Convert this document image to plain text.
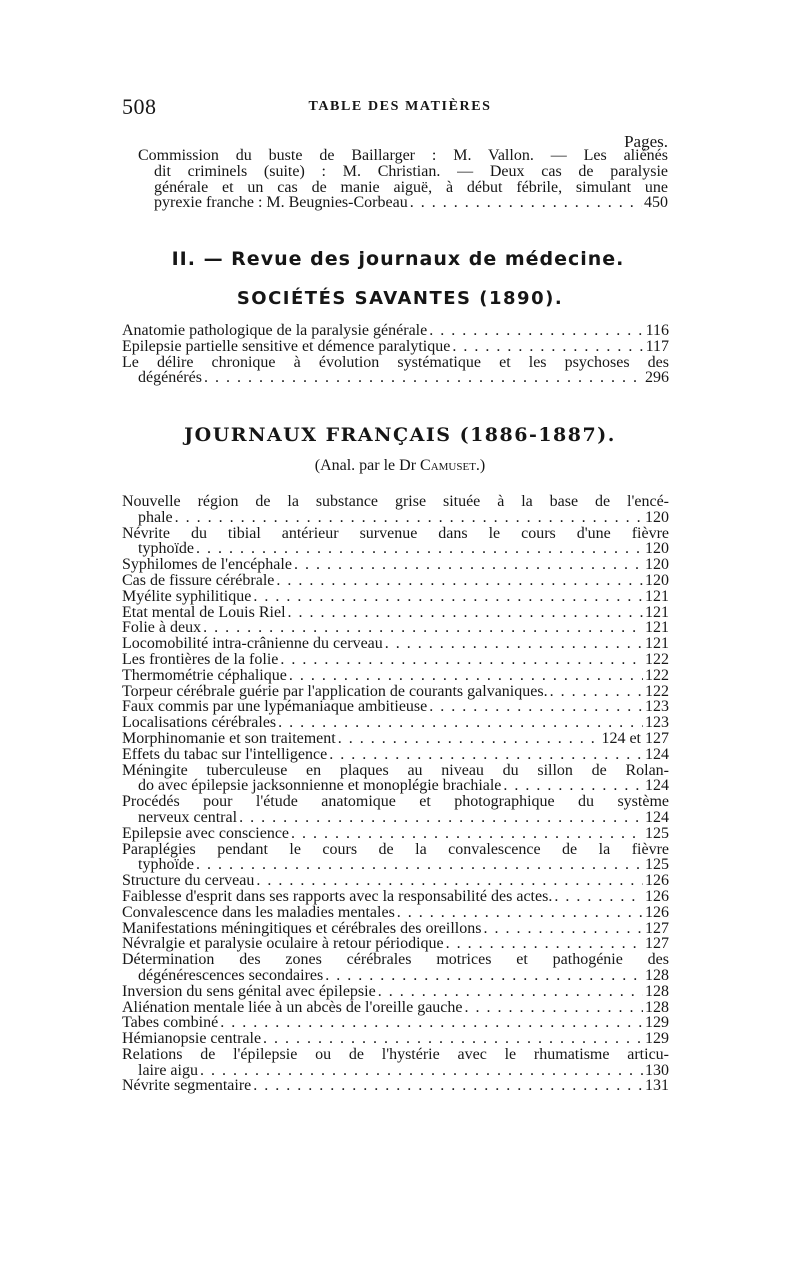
508	TABLE DES MATIÈRES
Pages.
Commission du buste de Baillarger : M. Vallon. — Les aliénés
dit criminels (suite) : M. Christian. — Deux cas de paralysie
générale et un cas de manie aiguë, à début fébrile, simulant une
pyrexie franche : M. Beugnies-Corbeau . . .	450
II. — Revue des journaux de médecine.
SOCIÉTÉS SAVANTES (1890).
Anatomie pathologique de la paralysie générale . . .	116
Epilepsie partielle sensitive et démence paralytique . . .	117
Le délire chronique à évolution systématique et les psychoses des
dégénérés . . .	296
JOURNAUX FRANÇAIS (1886-1887).
(Anal. par le Dr Camuset.)
Nouvelle région de la substance grise située à la base de l'encé-
phale . . .	120
Névrite du tibial antérieur survenue dans le cours d'une fièvre
typhoïde . . .	120
Syphilomes de l'encéphale . . .	120
Cas de fissure cérébrale . . .	120
Myélite syphilitique . . .	121
Etat mental de Louis Riel . . .	121
Folie à deux . . .	121
Locomobilité intra-crânienne du cerveau . . .	121
Les frontières de la folie . . .	122
Thermométrie céphalique . . .	122
Torpeur cérébrale guérie par l'application de courants galvaniques. . . .	122
Faux commis par une lypémaniaque ambitieuse . . .	123
Localisations cérébrales . . .	123
Morphinomanie et son traitement . . .	124 et 127
Effets du tabac sur l'intelligence . . .	124
Méningite tuberculeuse en plaques au niveau du sillon de Rolan-
do avec épilepsie jacksonnienne et monoplégie brachiale . . .	124
Procédés pour l'étude anatomique et photographique du système
nerveux central . . .	124
Epilepsie avec conscience . . .	125
Paraplégies pendant le cours de la convalescence de la fièvre
typhoïde . . .	125
Structure du cerveau . . .	126
Faiblesse d'esprit dans ses rapports avec la responsabilité des actes. . . .	126
Convalescence dans les maladies mentales . . .	126
Manifestations méningitiques et cérébrales des oreillons . . .	127
Névralgie et paralysie oculaire à retour périodique . . .	127
Détermination des zones cérébrales motrices et pathogénie des
dégénérescences secondaires . . .	128
Inversion du sens génital avec épilepsie . . .	128
Aliénation mentale liée à un abcès de l'oreille gauche . . .	128
Tabes combiné . . .	129
Hémianopsie centrale . . .	129
Relations de l'épilepsie ou de l'hystérie avec le rhumatisme articu-
laire aigu . . .	130
Névrite segmentaire . . .	131
